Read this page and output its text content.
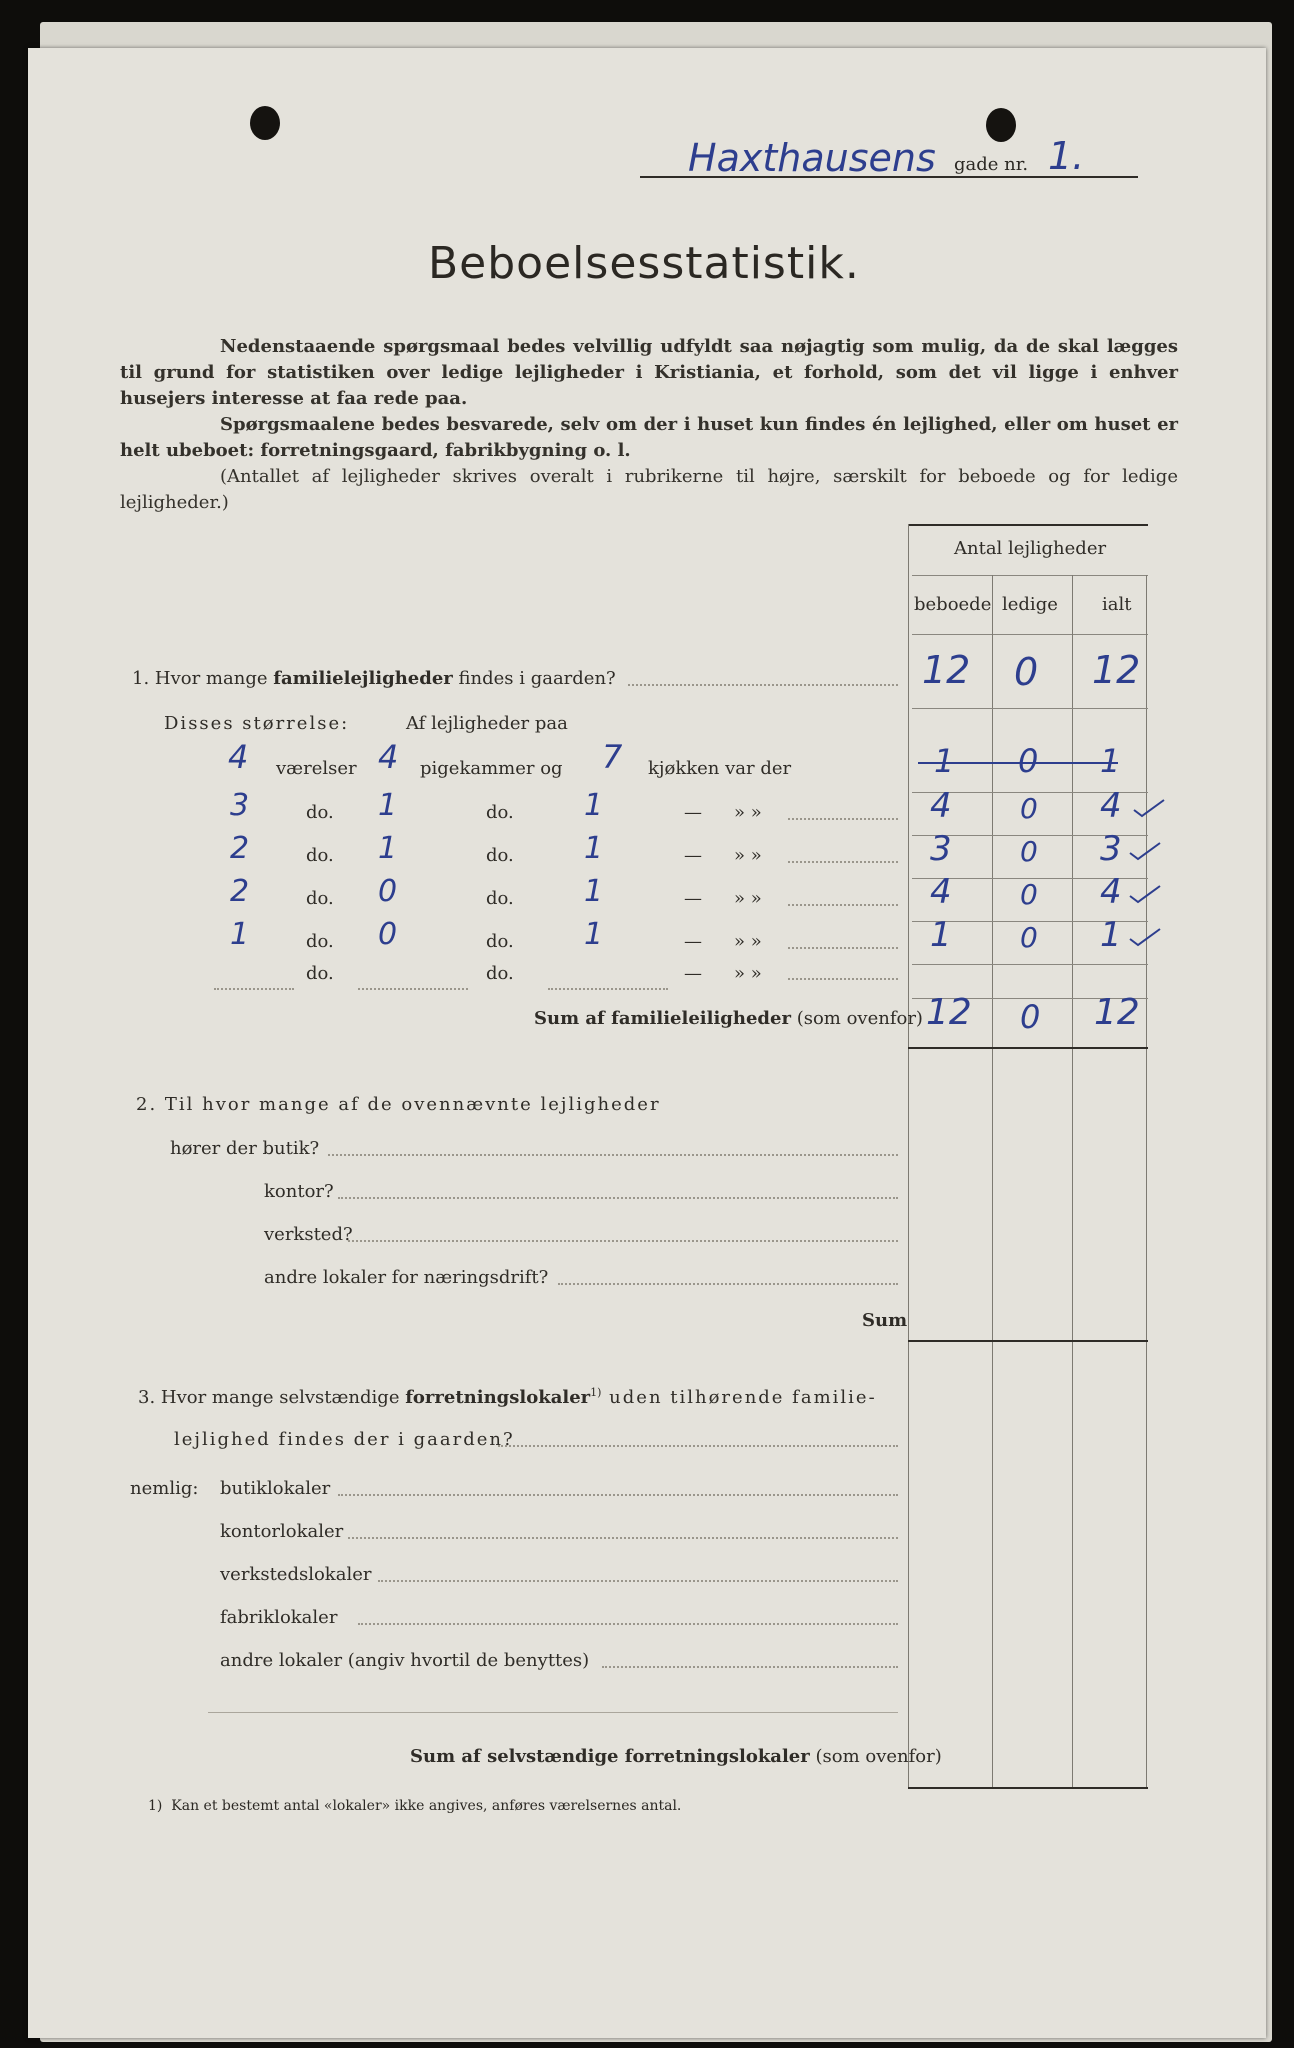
Haxthausens gade nr. 1.
Beboelsesstatistik.
Nedenstaaende spørgsmaal bedes velvillig udfyldt saa nøjagtig som mulig, da de skal lægges til grund for statistiken over ledige lejligheder i Kristiania, et forhold, som det vil ligge i enhver husejers interesse at faa rede paa.
Spørgsmaalene bedes besvarede, selv om der i huset kun findes én lejlighed, eller om huset er helt ubeboet: forretningsgaard, fabrikbygning o. l.
(Antallet af lejligheder skrives overalt i rubrikerne til højre, særskilt for beboede og for ledige lejligheder.)
Antal lejligheder
beboede ledige ialt
1. Hvor mange familielejligheder findes i gaarden?	12 0 12
Disses størrelse:	Af lejligheder paa
4 værelser 4 pigekammer og 7 kjøkken var der	1 0 1
3	do. 1	do. 1	— » »	4 0 4
2	do. 1	do. 1	— » »	3 0 3
2	do. 0	do. 1	— » »	4 0 4
1	do. 0	do. 1	— » »	1 0 1
do.	do.	— » »
Sum af familieleiligheder (som ovenfor) 12 0 12
2. Til hvor mange af de ovennævnte lejligheder
hører der butik?
kontor?
verksted?
andre lokaler for næringsdrift?
Sum
3. Hvor mange selvstændige forretningslokaler$^{1)}$ uden tilhørende familie-
lejlighed findes der i gaarden?
nemlig: butiklokaler
kontorlokaler
verkstedslokaler
fabriklokaler
andre lokaler (angiv hvortil de benyttes)
Sum af selvstændige forretningslokaler (som ovenfor)
1) Kan et bestemt antal «lokaler» ikke angives, anføres værelsernes antal.
